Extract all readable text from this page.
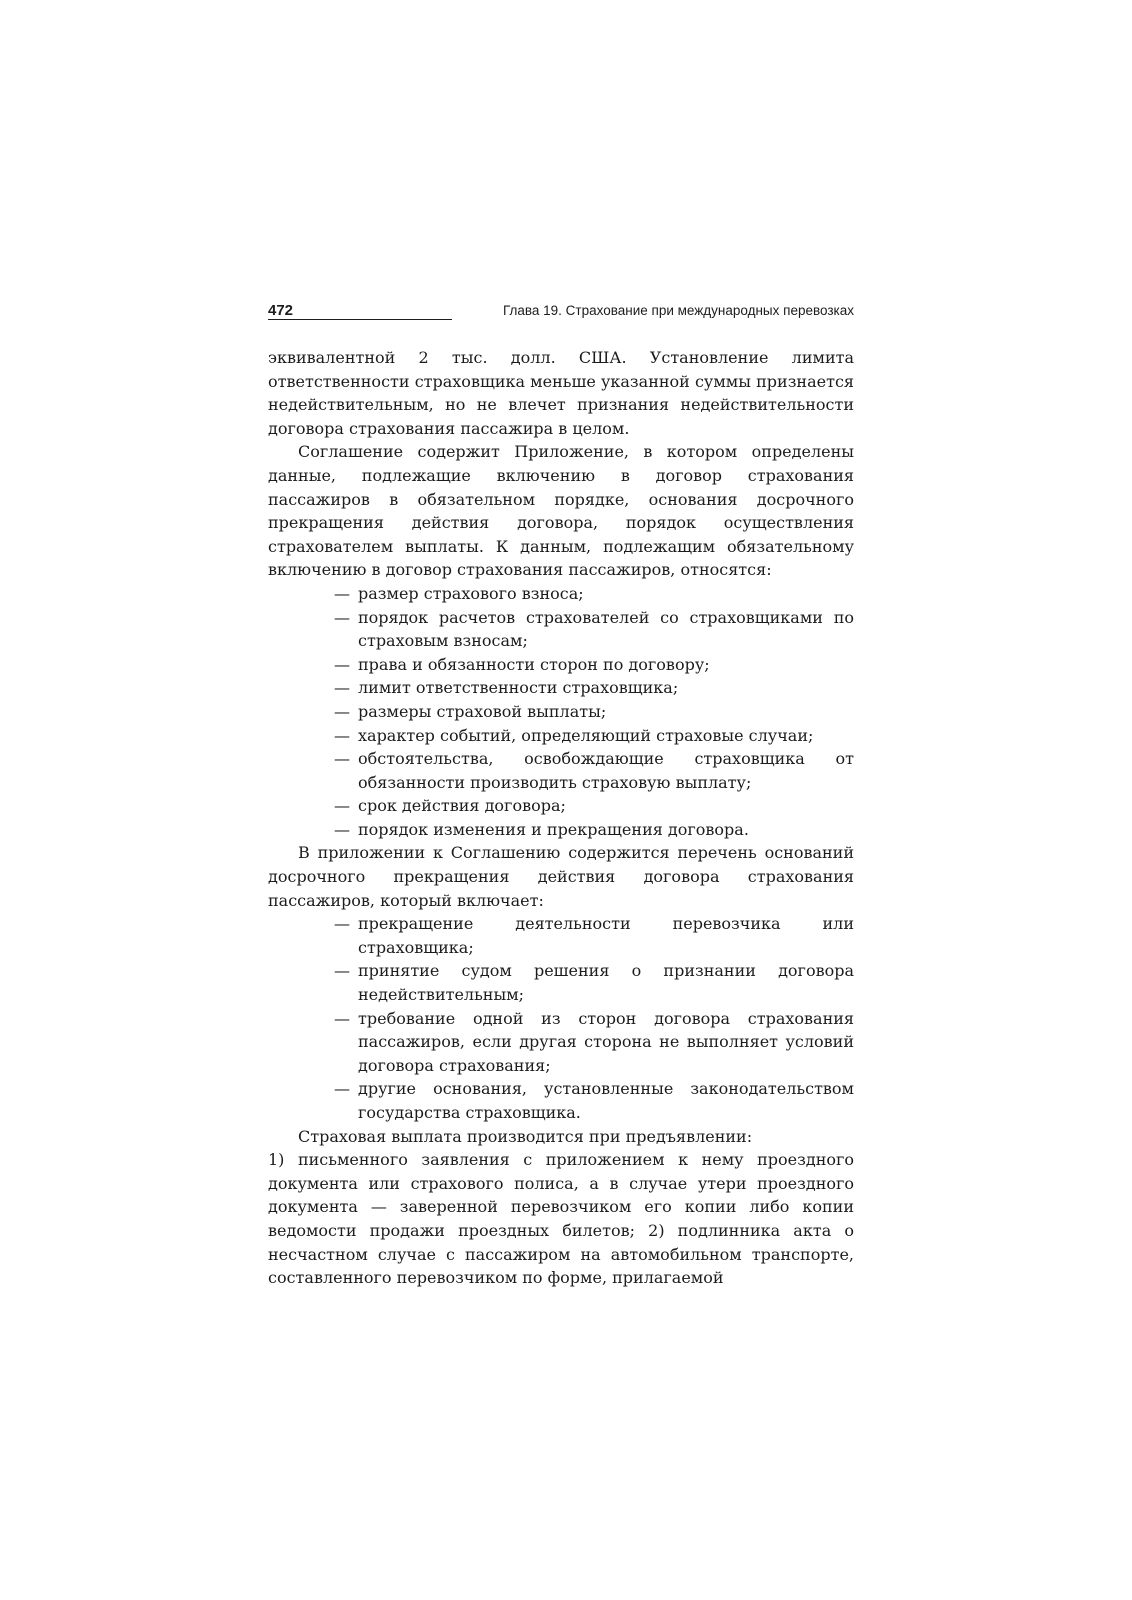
472	Глава 19. Страхование при международных перевозках

эквивалентной 2 тыс. долл. США. Установление лимита ответственности страховщика меньше указанной суммы признается недействительным, но не влечет признания недействительности договора страхования пассажира в целом.

Соглашение содержит Приложение, в котором определены данные, подлежащие включению в договор страхования пассажиров в обязательном порядке, основания досрочного прекращения действия договора, порядок осуществления страхователем выплаты. К данным, подлежащим обязательному включению в договор страхования пассажиров, относятся:

— размер страхового взноса;
— порядок расчетов страхователей со страховщиками по страховым взносам;
— права и обязанности сторон по договору;
— лимит ответственности страховщика;
— размеры страховой выплаты;
— характер событий, определяющий страховые случаи;
— обстоятельства, освобождающие страховщика от обязанности производить страховую выплату;
— срок действия договора;
— порядок изменения и прекращения договора.

В приложении к Соглашению содержится перечень оснований досрочного прекращения действия договора страхования пассажиров, который включает:

— прекращение деятельности перевозчика или страховщика;
— принятие судом решения о признании договора недействительным;
— требование одной из сторон договора страхования пассажиров, если другая сторона не выполняет условий договора страхования;
— другие основания, установленные законодательством государства страховщика.

Страховая выплата производится при предъявлении:

1) письменного заявления с приложением к нему проездного документа или страхового полиса, а в случае утери проездного документа — заверенной перевозчиком его копии либо копии ведомости продажи проездных билетов; 2) подлинника акта о несчастном случае с пассажиром на автомобильном транспорте, составленного перевозчиком по форме, прилагаемой
